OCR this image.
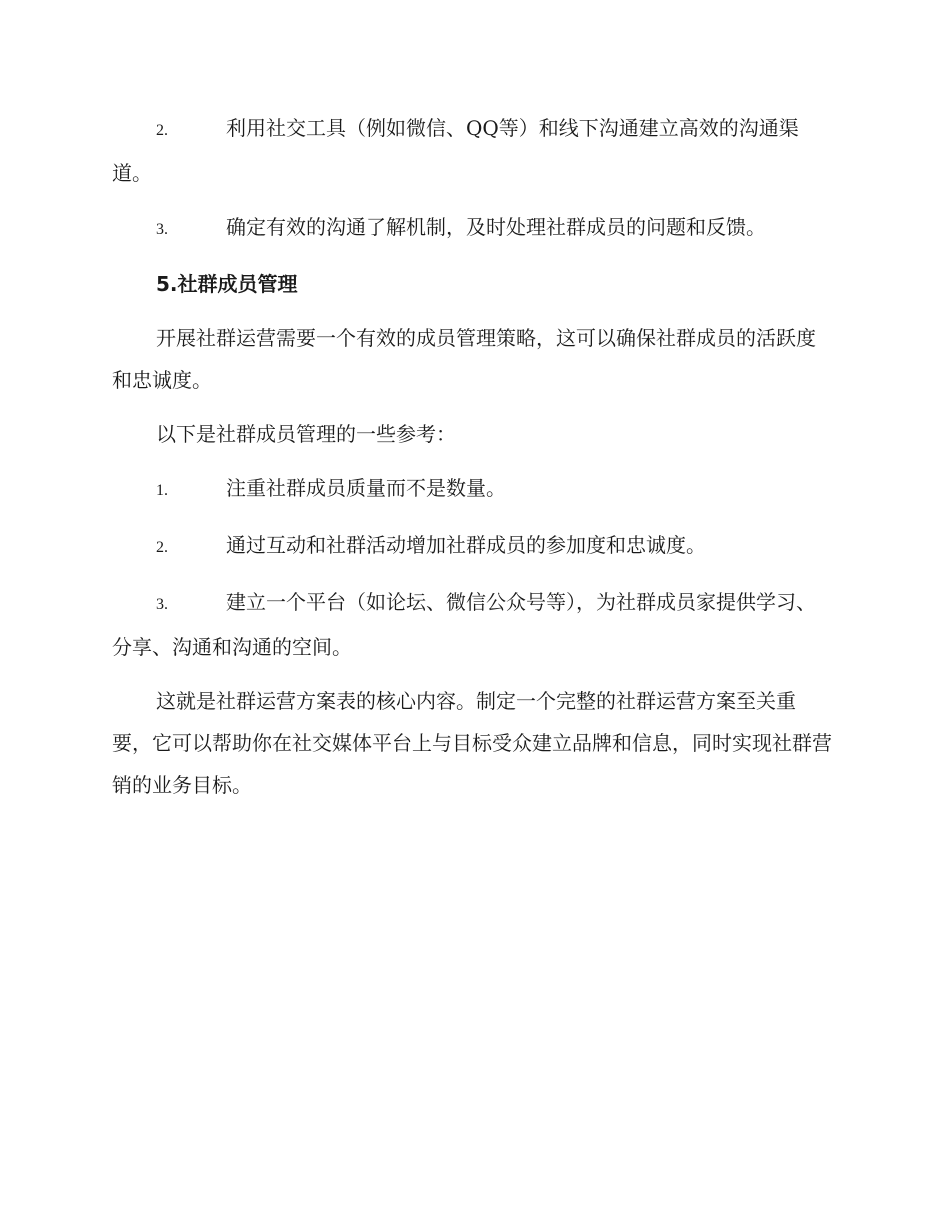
2.	利用社交工具（例如微信、QQ等）和线下沟通建立高效的沟通渠道。
3.	确定有效的沟通了解机制，及时处理社群成员的问题和反馈。
5.社群成员管理
开展社群运营需要一个有效的成员管理策略，这可以确保社群成员的活跃度和忠诚度。
以下是社群成员管理的一些参考：
1.	注重社群成员质量而不是数量。
2.	通过互动和社群活动增加社群成员的参加度和忠诚度。
3.	建立一个平台（如论坛、微信公众号等），为社群成员家提供学习、分享、沟通和沟通的空间。
这就是社群运营方案表的核心内容。制定一个完整的社群运营方案至关重要，它可以帮助你在社交媒体平台上与目标受众建立品牌和信息，同时实现社群营销的业务目标。
